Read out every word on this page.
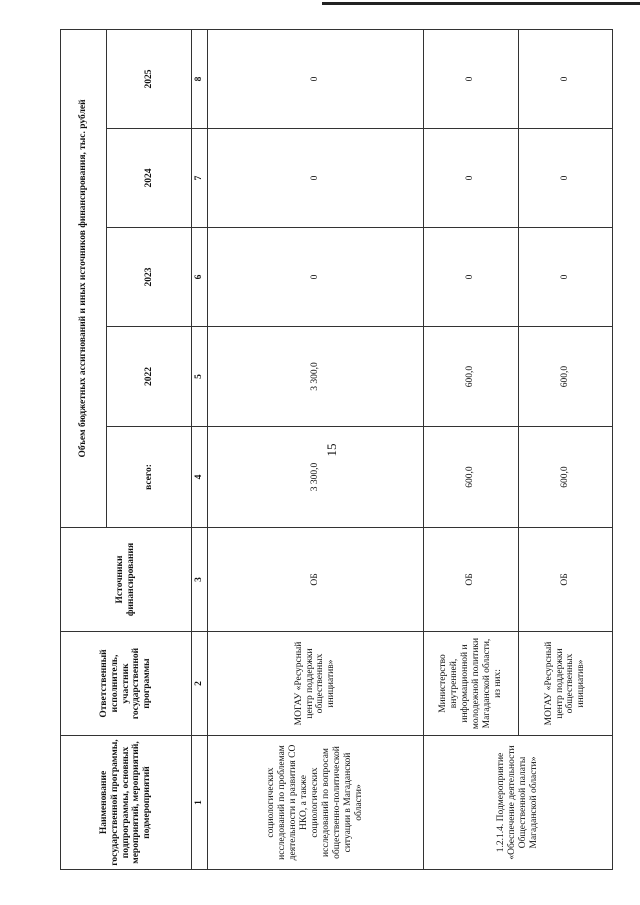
15
Наименование государственной программы, подпрограммы, основных мероприятий, мероприятий, подмероприятий	Ответственный исполнитель, участник государственной программы	Источники финансирования	Объем бюджетных ассигнований и иных источников финансирования, тыс. рублей				
			всего:	2022	2023	2024	2025
1	2	3	4	5	6	7	8
социологических исследований по проблемам деятельности и развития СО НКО, а также социологических исследований по вопросам общественно-политической ситуации в Магаданской области»	МОГАУ «Ресурсный центр поддержки общественных инициатив»	ОБ	3 300,0	3 300,0	0	0	0
1.2.1.4. Подмероприятие «Обеспечение деятельности Общественной палаты Магаданской области»	Министерство внутренней, информационной и молодежной политики Магаданской области, из них:	ОБ	600,0	600,0	0	0	0
	МОГАУ «Ресурсный центр поддержки общественных инициатив»	ОБ	600,0	600,0	0	0	0
